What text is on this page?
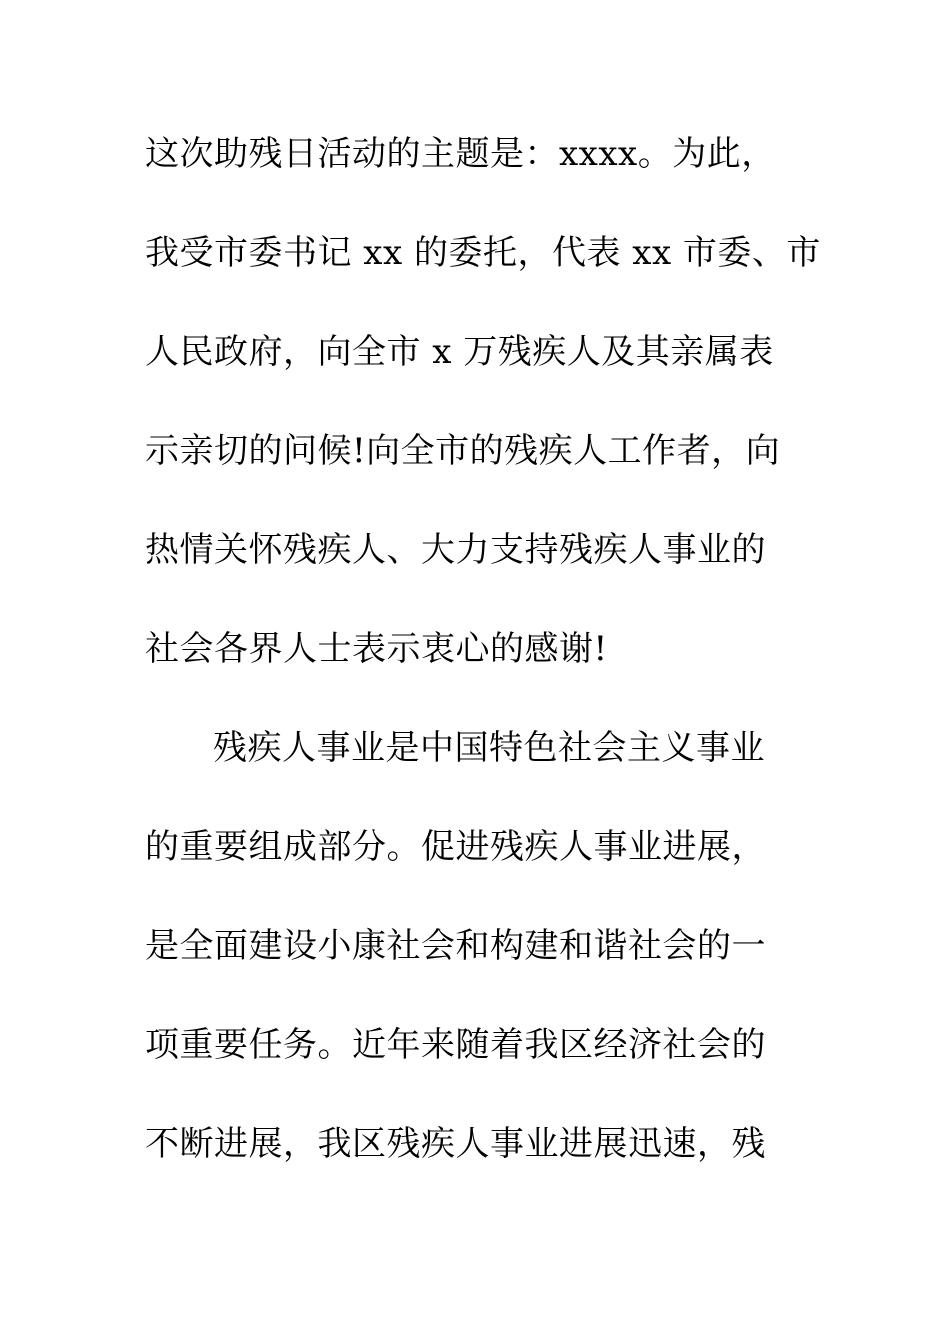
这次助残日活动的主题是：xxxx。为此，
我受市委书记 xx 的委托，代表 xx 市委、市
人民政府，向全市 x 万残疾人及其亲属表
示亲切的问候!向全市的残疾人工作者，向
热情关怀残疾人、大力支持残疾人事业的
社会各界人士表示衷心的感谢!
残疾人事业是中国特色社会主义事业
的重要组成部分。促进残疾人事业进展，
是全面建设小康社会和构建和谐社会的一
项重要任务。近年来随着我区经济社会的
不断进展，我区残疾人事业进展迅速，残
